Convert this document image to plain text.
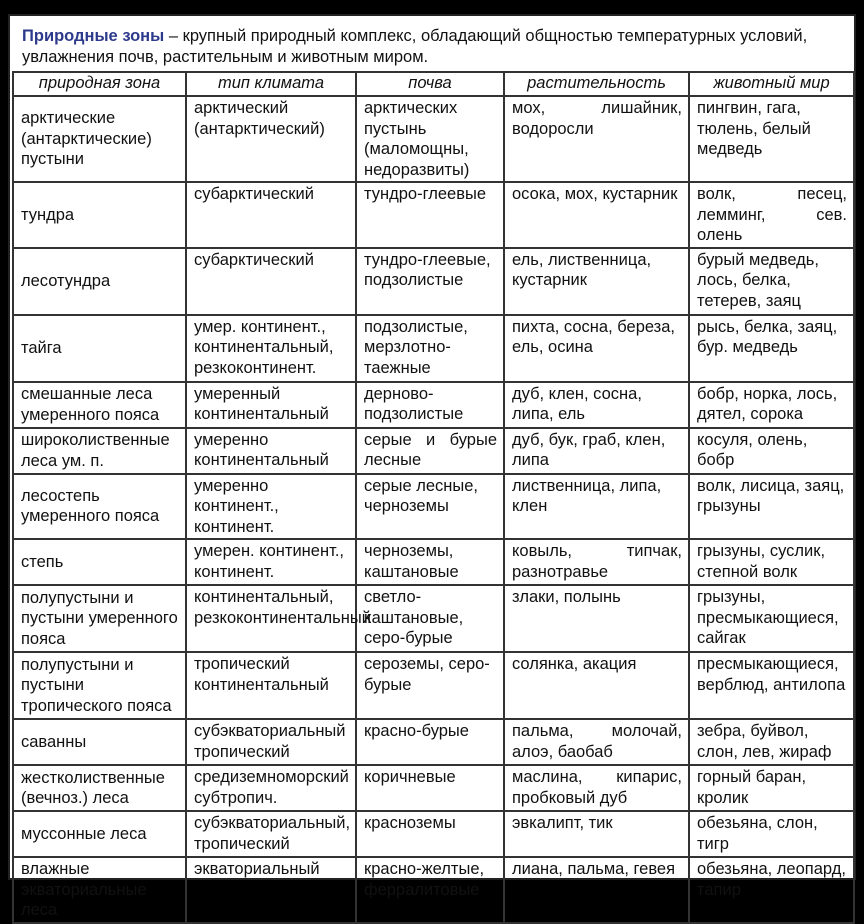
Природные зоны – крупный природный комплекс, обладающий общностью температурных условий, увлажнения почв, растительным и животным миром.
природная зона	тип климата	почва	растительность	животный мир
арктические (антарктические) пустыни	арктический (антарктический)	арктических пустынь (маломощны, недоразвиты)	мох, лишайник, водоросли	пингвин, гага, тюлень, белый медведь
тундра	субарктический	тундро-глеевые	осока, мох, кустарник	волк, песец, лемминг, сев. олень
лесотундра	субарктический	тундро-глеевые, подзолистые	ель, лиственница, кустарник	бурый медведь, лось, белка, тетерев, заяц
тайга	умер. континент., континентальный, резкоконтинент.	подзолистые, мерзлотно-таежные	пихта, сосна, береза, ель, осина	рысь, белка, заяц, бур. медведь
смешанные леса умеренного пояса	умеренный континентальный	дерново-подзолистые	дуб, клен, сосна, липа, ель	бобр, норка, лось, дятел, сорока
широколиственные леса ум. п.	умеренно континентальный	серые и бурые лесные	дуб, бук, граб, клен, липа	косуля, олень, бобр
лесостепь умеренного пояса	умеренно континент., континент.	серые лесные, черноземы	лиственница, липа, клен	волк, лисица, заяц, грызуны
степь	умерен. континент., континент.	черноземы, каштановые	ковыль, типчак, разнотравье	грызуны, суслик, степной волк
полупустыни и пустыни умеренного пояса	континентальный, резкоконтинентальный	светло-каштановые, серо-бурые	злаки, полынь	грызуны, пресмыкающиеся, сайгак
полупустыни и пустыни тропического пояса	тропический континентальный	сероземы, серо-бурые	солянка, акация	пресмыкающиеся, верблюд, антилопа
саванны	субэкваториальный тропический	красно-бурые	пальма, молочай, алоэ, баобаб	зебра, буйвол, слон, лев, жираф
жестколиственные (вечноз.) леса	средиземноморский субтропич.	коричневые	маслина, кипарис, пробковый дуб	горный баран, кролик
муссонные леса	субэкваториальный, тропический	красноземы	эвкалипт, тик	обезьяна, слон, тигр
влажные экваториальные леса	экваториальный	красно-желтые, ферралитовые	лиана, пальма, гевея	обезьяна, леопард, тапир
